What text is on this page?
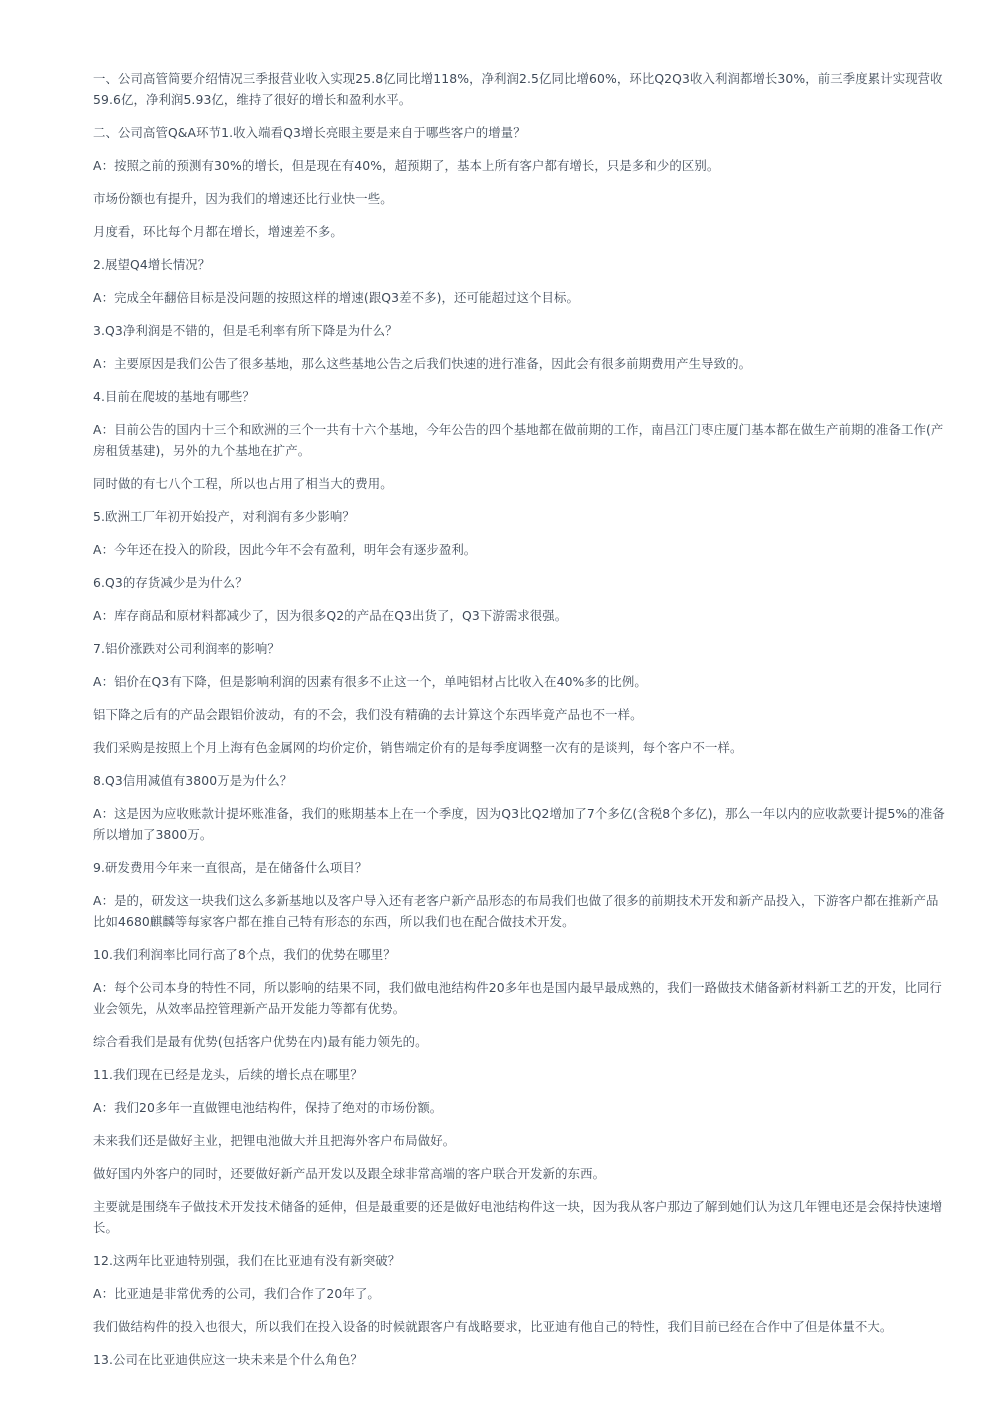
一、公司高管简要介绍情况三季报营业收入实现25.8亿同比增118%，净利润2.5亿同比增60%，环比Q2Q3收入利润都增长30%，前三季度累计实现营收59.6亿，净利润5.93亿，维持了很好的增长和盈利水平。

二、公司高管Q&A环节1.收入端看Q3增长亮眼主要是来自于哪些客户的增量？

A：按照之前的预测有30%的增长，但是现在有40%，超预期了，基本上所有客户都有增长，只是多和少的区别。

市场份额也有提升，因为我们的增速还比行业快一些。

月度看，环比每个月都在增长，增速差不多。

2.展望Q4增长情况？

A：完成全年翻倍目标是没问题的按照这样的增速(跟Q3差不多)，还可能超过这个目标。

3.Q3净利润是不错的，但是毛利率有所下降是为什么？

A：主要原因是我们公告了很多基地，那么这些基地公告之后我们快速的进行准备，因此会有很多前期费用产生导致的。

4.目前在爬坡的基地有哪些？

A：目前公告的国内十三个和欧洲的三个一共有十六个基地，今年公告的四个基地都在做前期的工作，南昌江门枣庄厦门基本都在做生产前期的准备工作(产房租赁基建)，另外的九个基地在扩产。

同时做的有七八个工程，所以也占用了相当大的费用。

5.欧洲工厂年初开始投产，对利润有多少影响？

A：今年还在投入的阶段，因此今年不会有盈利，明年会有逐步盈利。

6.Q3的存货减少是为什么？

A：库存商品和原材料都减少了，因为很多Q2的产品在Q3出货了，Q3下游需求很强。

7.铝价涨跌对公司利润率的影响？

A：铝价在Q3有下降，但是影响利润的因素有很多不止这一个，单吨铝材占比收入在40%多的比例。

铝下降之后有的产品会跟铝价波动，有的不会，我们没有精确的去计算这个东西毕竟产品也不一样。

我们采购是按照上个月上海有色金属网的均价定价，销售端定价有的是每季度调整一次有的是谈判，每个客户不一样。

8.Q3信用减值有3800万是为什么？

A：这是因为应收账款计提坏账准备，我们的账期基本上在一个季度，因为Q3比Q2增加了7个多亿(含税8个多亿)，那么一年以内的应收款要计提5%的准备所以增加了3800万。

9.研发费用今年来一直很高，是在储备什么项目？

A：是的，研发这一块我们这么多新基地以及客户导入还有老客户新产品形态的布局我们也做了很多的前期技术开发和新产品投入，下游客户都在推新产品比如4680麒麟等每家客户都在推自己特有形态的东西，所以我们也在配合做技术开发。

10.我们利润率比同行高了8个点，我们的优势在哪里？

A：每个公司本身的特性不同，所以影响的结果不同，我们做电池结构件20多年也是国内最早最成熟的，我们一路做技术储备新材料新工艺的开发，比同行业会领先，从效率品控管理新产品开发能力等都有优势。

综合看我们是最有优势(包括客户优势在内)最有能力领先的。

11.我们现在已经是龙头，后续的增长点在哪里？

A：我们20多年一直做锂电池结构件，保持了绝对的市场份额。

未来我们还是做好主业，把锂电池做大并且把海外客户布局做好。

做好国内外客户的同时，还要做好新产品开发以及跟全球非常高端的客户联合开发新的东西。

主要就是围绕车子做技术开发技术储备的延伸，但是最重要的还是做好电池结构件这一块，因为我从客户那边了解到她们认为这几年锂电还是会保持快速增长。

12.这两年比亚迪特别强，我们在比亚迪有没有新突破？

A：比亚迪是非常优秀的公司，我们合作了20年了。

我们做结构件的投入也很大，所以我们在投入设备的时候就跟客户有战略要求，比亚迪有他自己的特性，我们目前已经在合作中了但是体量不大。

13.公司在比亚迪供应这一块未来是个什么角色？
